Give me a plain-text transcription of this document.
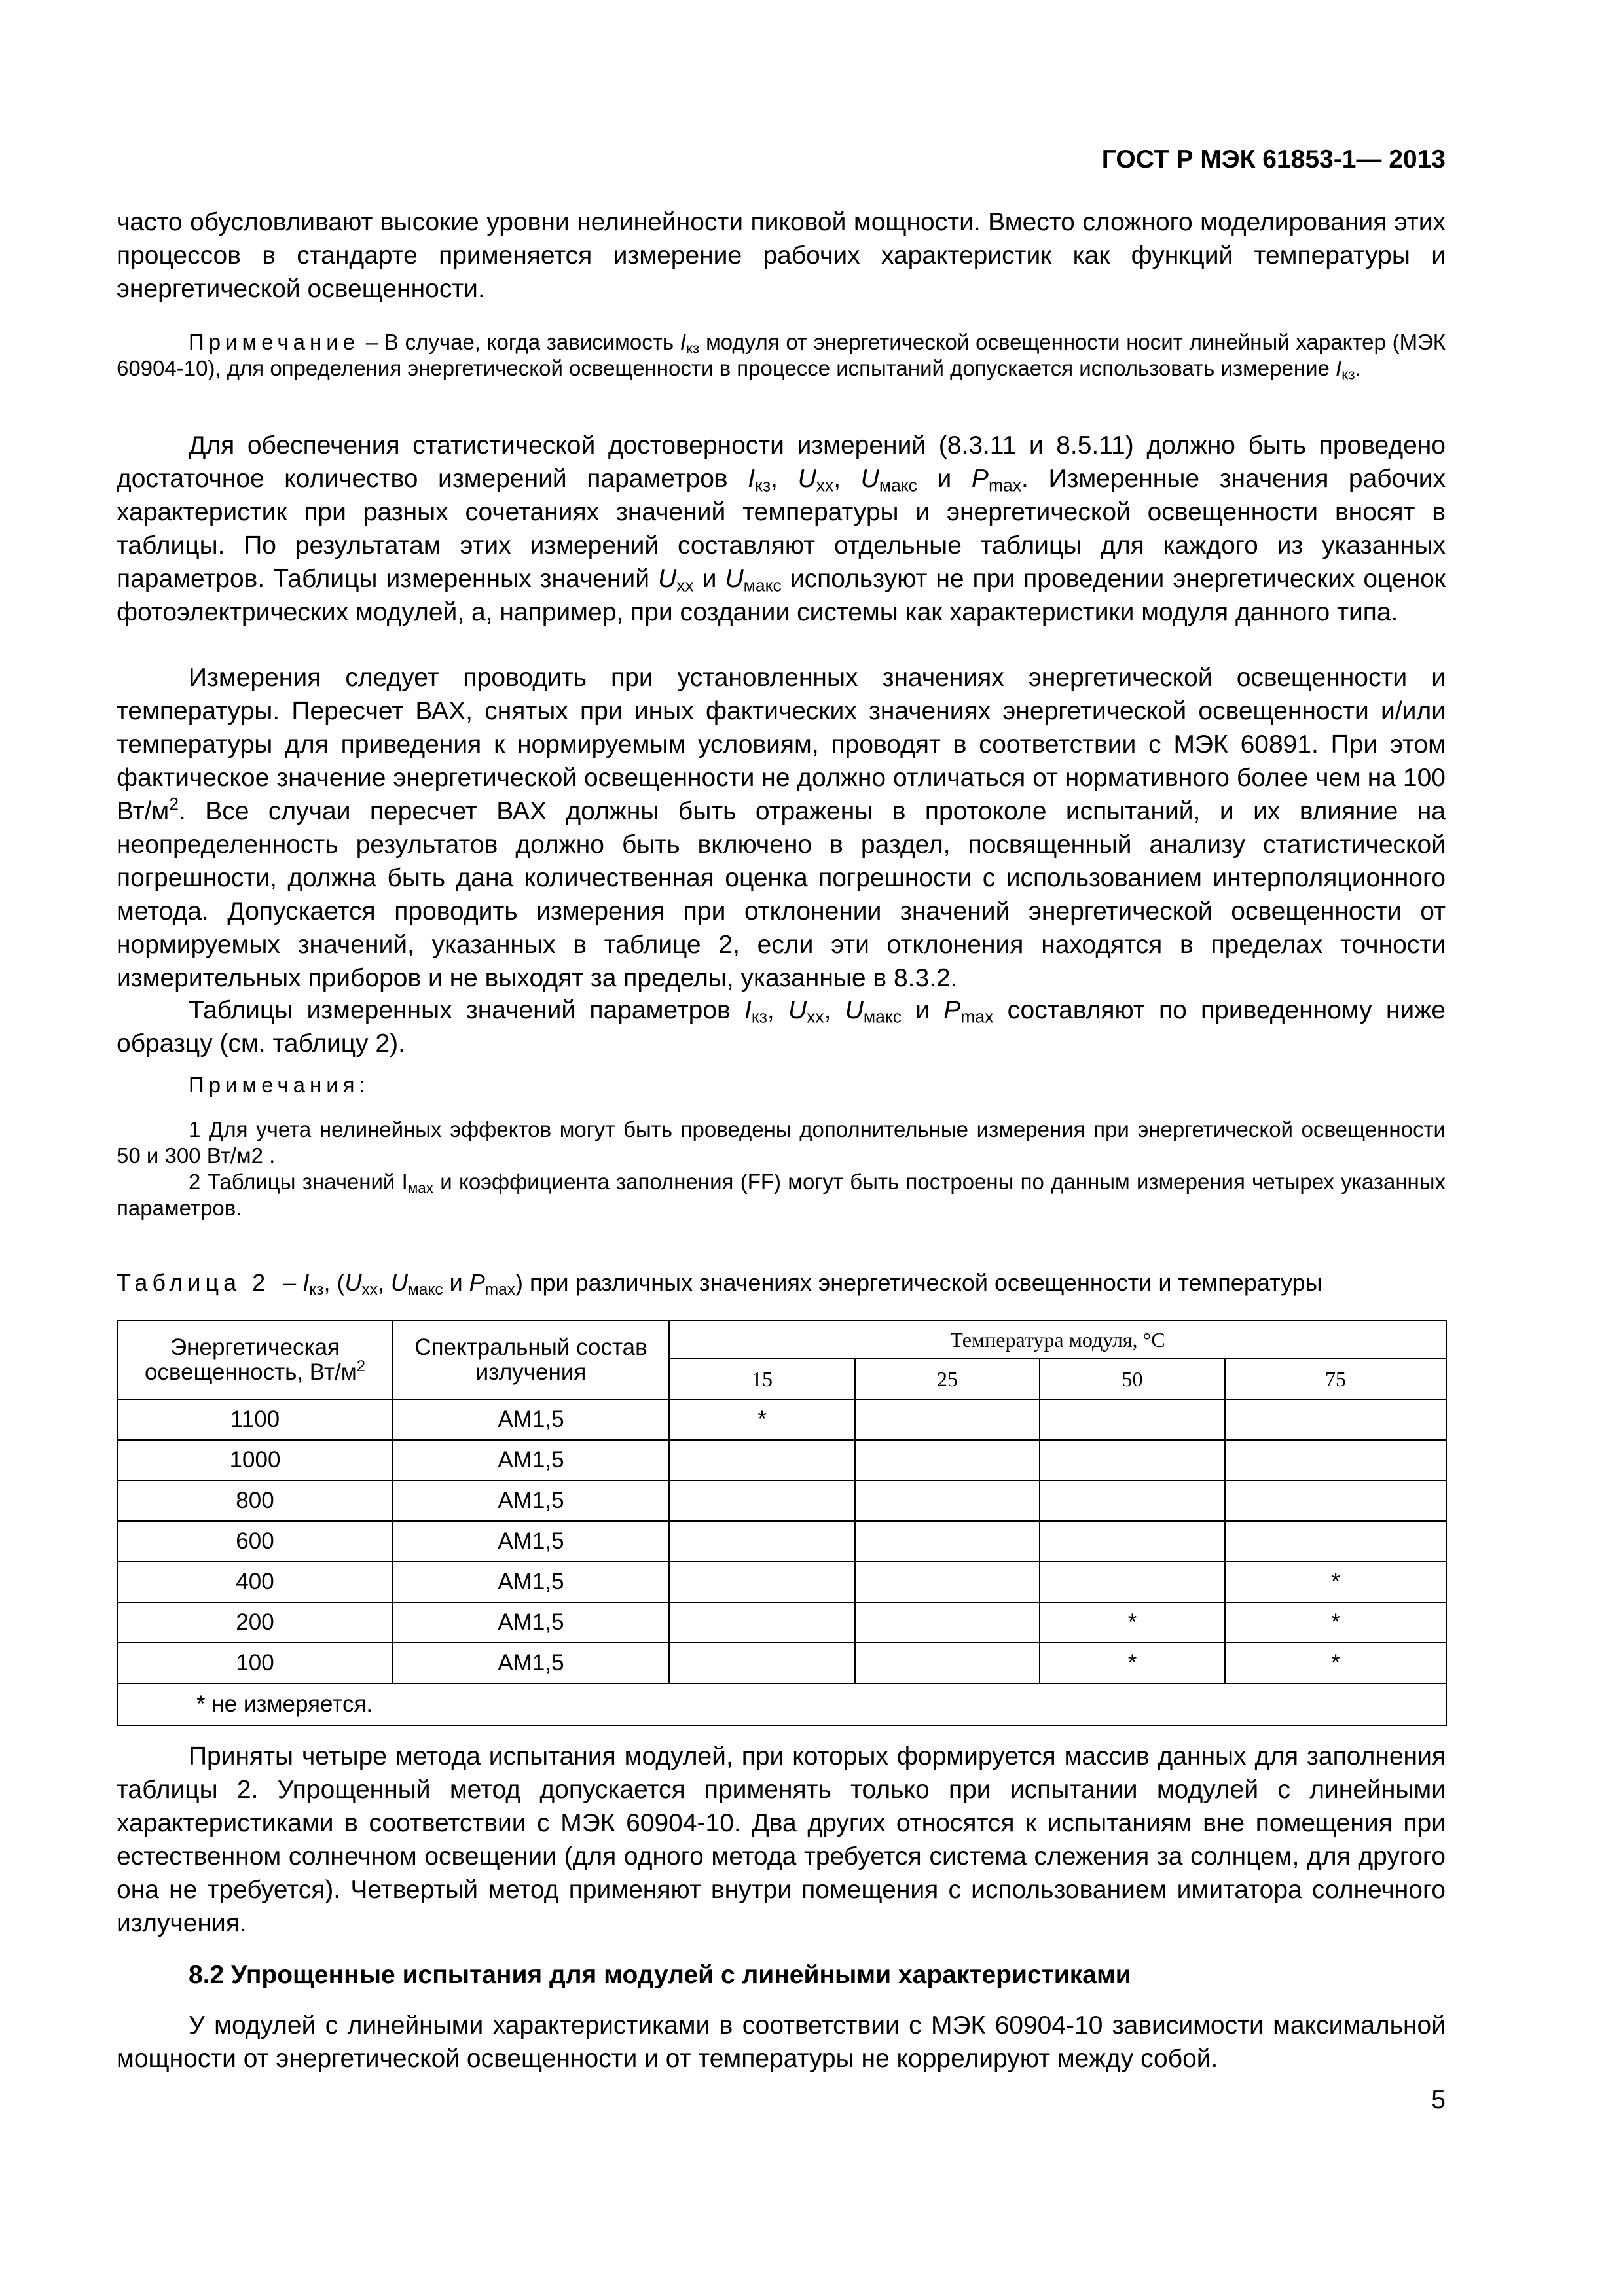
ГОСТ Р МЭК 61853-1— 2013

часто обусловливают высокие уровни нелинейности пиковой мощности. Вместо сложного моделирования этих процессов в стандарте применяется измерение рабочих характеристик как функций температуры и энергетической освещенности.

Примечание – В случае, когда зависимость $I_{кз}$ модуля от энергетической освещенности носит линейный характер (МЭК 60904-10), для определения энергетической освещенности в процессе испытаний допускается использовать измерение $I_{кз}$.

Для обеспечения статистической достоверности измерений (8.3.11 и 8.5.11) должно быть проведено достаточное количество измерений параметров $I_{кз}$, $U_{xx}$, $U_{макс}$ и $P_{max}$. Измеренные значения рабочих характеристик при разных сочетаниях значений температуры и энергетической освещенности вносят в таблицы. По результатам этих измерений составляют отдельные таблицы для каждого из указанных параметров. Таблицы измеренных значений $U_{xx}$ и $U_{макс}$ используют не при проведении энергетических оценок фотоэлектрических модулей, а, например, при создании системы как характеристики модуля данного типа.

Измерения следует проводить при установленных значениях энергетической освещенности и температуры. Пересчет ВАХ, снятых при иных фактических значениях энергетической освещенности и/или температуры для приведения к нормируемым условиям, проводят в соответствии с МЭК 60891. При этом фактическое значение энергетической освещенности не должно отличаться от нормативного более чем на 100 $Вт/м^2$. Все случаи пересчет ВАХ должны быть отражены в протоколе испытаний, и их влияние на неопределенность результатов должно быть включено в раздел, посвященный анализу статистической погрешности, должна быть дана количественная оценка погрешности с использованием интерполяционного метода. Допускается проводить измерения при отклонении значений энергетической освещенности от нормируемых значений, указанных в таблице 2, если эти отклонения находятся в пределах точности измерительных приборов и не выходят за пределы, указанные в 8.3.2.

Таблицы измеренных значений параметров $I_{кз}$, $U_{xx}$, $U_{макс}$ и $P_{max}$ составляют по приведенному ниже образцу (см. таблицу 2).

Примечания:

1 Для учета нелинейных эффектов могут быть проведены дополнительные измерения при энергетической освещенности 50 и 300 Вт/м2 .

2 Таблицы значений $I_{мах}$ и коэффициента заполнения (FF) могут быть построены по данным измерения четырех указанных параметров.

Таблица $2 - I_{кз}$, ($U_{xx}$, $U_{макс}$ и $P_{max}$) при различных значениях энергетической освещенности и температуры
Энергетическая
освещенность, $Вт/м^2$	Спектральный состав
излучения	Температура модуля, °С			
		15	25	50	75
1100	АМ1,5	*			
1000	АМ1,5				
800	АМ1,5				
600	АМ1,5				
400	АМ1,5				*
200	АМ1,5			*	*
100	АМ1,5			*	*
* не измеряется.					

Приняты четыре метода испытания модулей, при которых формируется массив данных для заполнения таблицы 2. Упрощенный метод допускается применять только при испытании модулей с линейными характеристиками в соответствии с МЭК 60904-10. Два других относятся к испытаниям вне помещения при естественном солнечном освещении (для одного метода требуется система слежения за солнцем, для другого она не требуется). Четвертый метод применяют внутри помещения с использованием имитатора солнечного излучения.

8.2 Упрощенные испытания для модулей с линейными характеристиками

У модулей с линейными характеристиками в соответствии с МЭК 60904-10 зависимости максимальной мощности от энергетической освещенности и от температуры не коррелируют между собой.

5
